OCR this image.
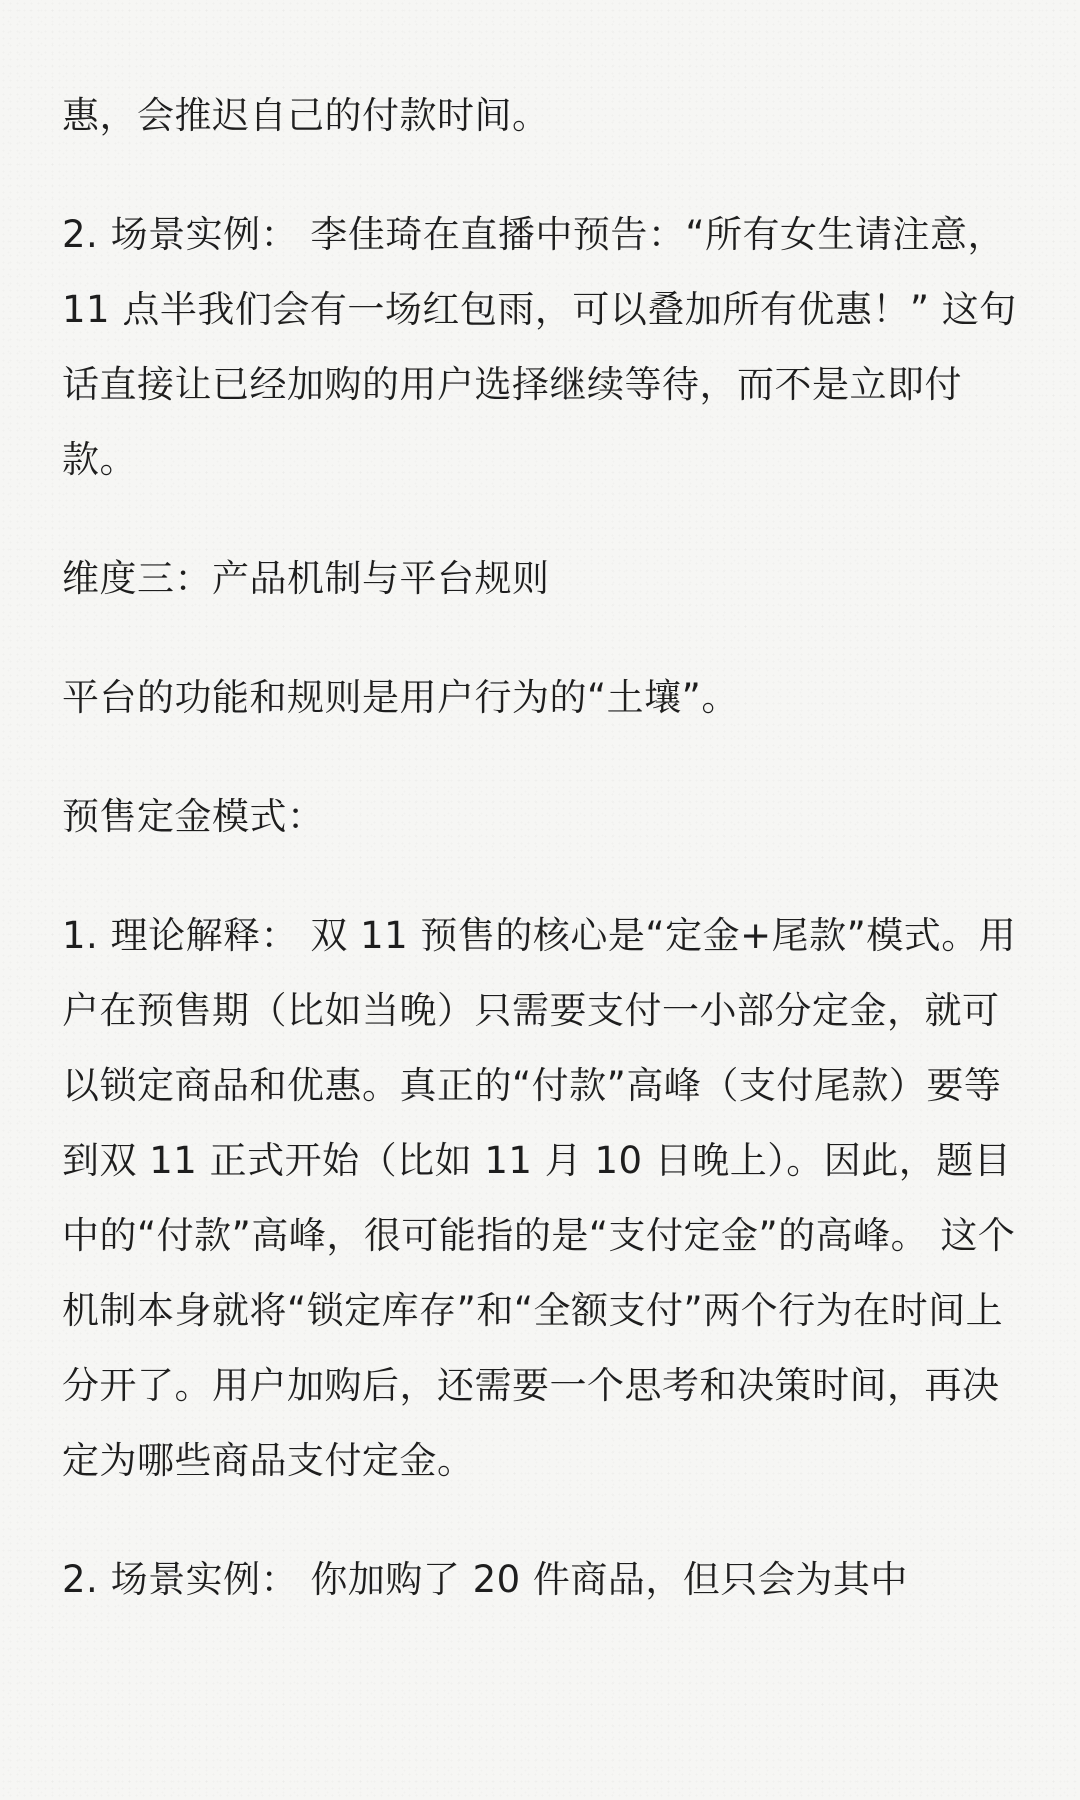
惠，会推迟自己的付款时间。

2. 场景实例： 李佳琦在直播中预告：“所有女生请注意，11 点半我们会有一场红包雨，可以叠加所有优惠！” 这句话直接让已经加购的用户选择继续等待，而不是立即付款。

维度三：产品机制与平台规则

平台的功能和规则是用户行为的“土壤”。

预售定金模式：

1. 理论解释： 双 11 预售的核心是“定金+尾款”模式。用户在预售期（比如当晚）只需要支付一小部分定金，就可以锁定商品和优惠。真正的“付款”高峰（支付尾款）要等到双 11 正式开始（比如 11 月 10 日晚上）。因此，题目中的“付款”高峰，很可能指的是“支付定金”的高峰。 这个机制本身就将“锁定库存”和“全额支付”两个行为在时间上分开了。用户加购后，还需要一个思考和决策时间，再决定为哪些商品支付定金。

2. 场景实例： 你加购了 20 件商品，但只会为其中
